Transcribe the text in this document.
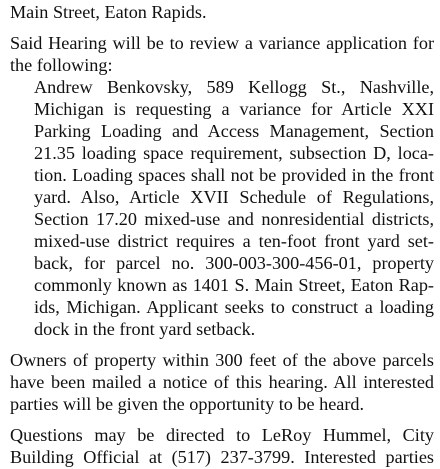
Main Street, Eaton Rapids.
Said Hearing will be to review a variance application for
the following:
Andrew Benkovsky, 589 Kellogg St., Nashville,
Michigan is requesting a variance for Article XXI
Parking Loading and Access Management, Section
21.35 loading space requirement, subsection D, loca-
tion. Loading spaces shall not be provided in the front
yard. Also, Article XVII Schedule of Regulations,
Section 17.20 mixed-use and nonresidential districts,
mixed-use district requires a ten-foot front yard set-
back, for parcel no. 300-003-300-456-01, property
commonly known as 1401 S. Main Street, Eaton Rap-
ids, Michigan. Applicant seeks to construct a loading
dock in the front yard setback.
Owners of property within 300 feet of the above parcels
have been mailed a notice of this hearing. All interested
parties will be given the opportunity to be heard.
Questions may be directed to LeRoy Hummel, City
Building Official at (517) 237-3799. Interested parties
